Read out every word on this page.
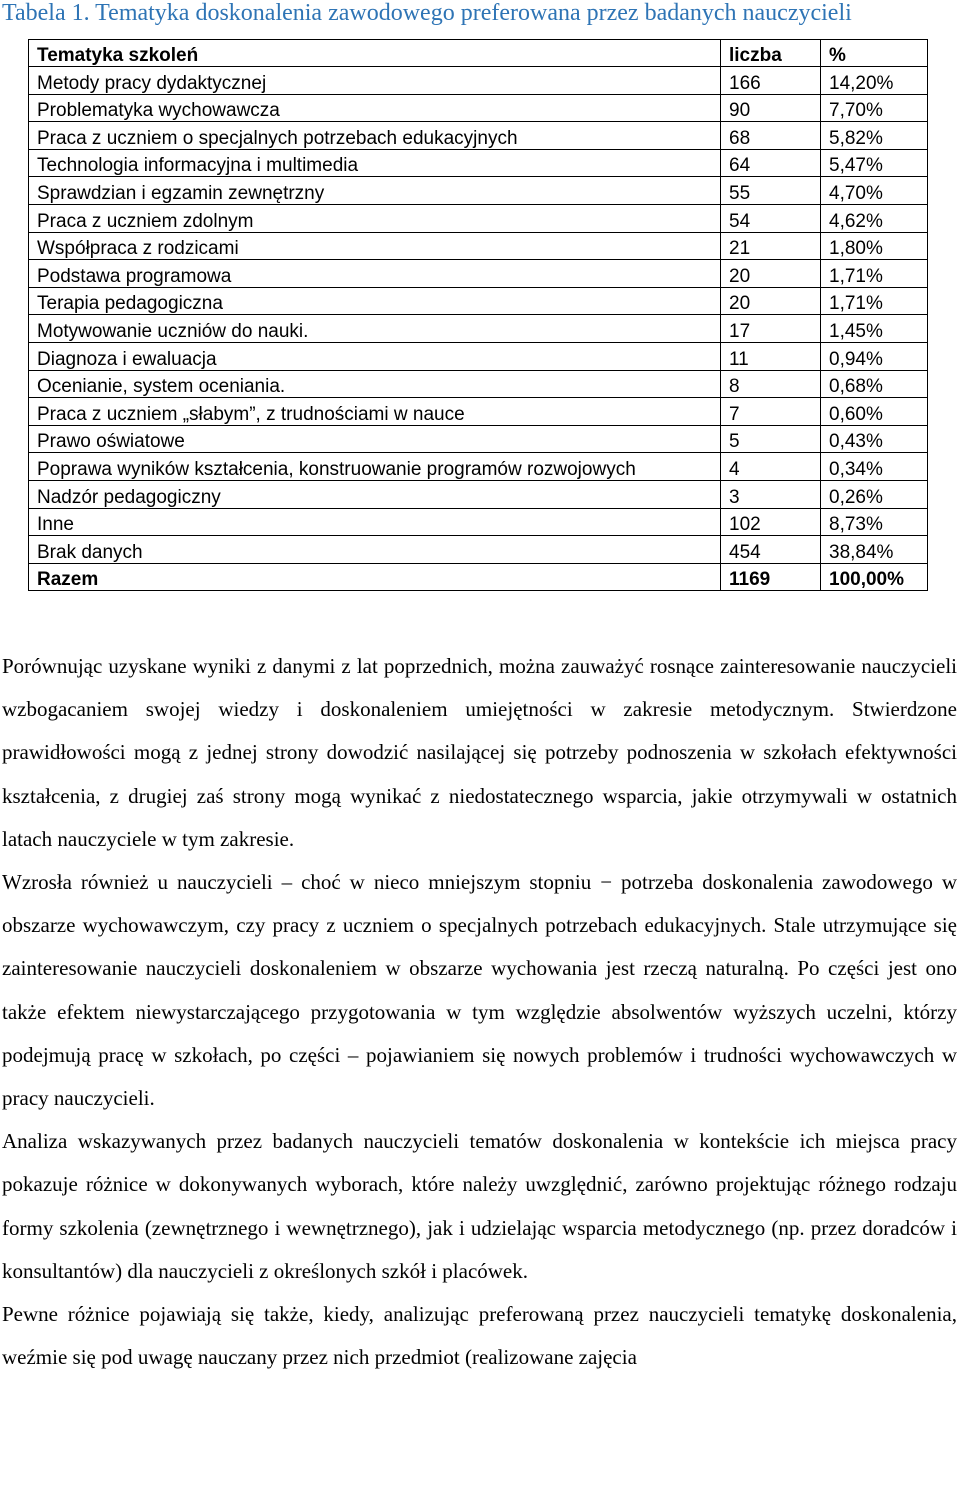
Tabela 1. Tematyka doskonalenia zawodowego preferowana przez badanych nauczycieli
Tematyka szkoleń	liczba	%
Metody pracy dydaktycznej	166	14,20%
Problematyka wychowawcza	90	7,70%
Praca z uczniem o specjalnych potrzebach edukacyjnych	68	5,82%
Technologia informacyjna i multimedia	64	5,47%
Sprawdzian i egzamin zewnętrzny	55	4,70%
Praca z uczniem zdolnym	54	4,62%
Współpraca z rodzicami	21	1,80%
Podstawa programowa	20	1,71%
Terapia pedagogiczna	20	1,71%
Motywowanie uczniów do nauki.	17	1,45%
Diagnoza i ewaluacja	11	0,94%
Ocenianie, system oceniania.	8	0,68%
Praca z uczniem „słabym”, z trudnościami w nauce	7	0,60%
Prawo oświatowe	5	0,43%
Poprawa wyników kształcenia, konstruowanie programów rozwojowych	4	0,34%
Nadzór pedagogiczny	3	0,26%
Inne	102	8,73%
Brak danych	454	38,84%
Razem	1169	100,00%

Porównując uzyskane wyniki z danymi z lat poprzednich, można zauważyć rosnące zainteresowanie nauczycieli wzbogacaniem swojej wiedzy i doskonaleniem umiejętności w zakresie metodycznym. Stwierdzone prawidłowości mogą z jednej strony dowodzić nasilającej się potrzeby podnoszenia w szkołach efektywności kształcenia, z drugiej zaś strony mogą wynikać z niedostatecznego wsparcia, jakie otrzymywali w ostatnich latach nauczyciele w tym zakresie.

Wzrosła również u nauczycieli – choć w nieco mniejszym stopniu − potrzeba doskonalenia zawodowego w obszarze wychowawczym, czy pracy z uczniem o specjalnych potrzebach edukacyjnych. Stale utrzymujące się zainteresowanie nauczycieli doskonaleniem w obszarze wychowania jest rzeczą naturalną. Po części jest ono także efektem niewystarczającego przygotowania w tym względzie absolwentów wyższych uczelni, którzy podejmują pracę w szkołach, po części – pojawianiem się nowych problemów i trudności wychowawczych w pracy nauczycieli.

Analiza wskazywanych przez badanych nauczycieli tematów doskonalenia w kontekście ich miejsca pracy pokazuje różnice w dokonywanych wyborach, które należy uwzględnić, zarówno projektując różnego rodzaju formy szkolenia (zewnętrznego i wewnętrznego), jak i udzielając wsparcia metodycznego (np. przez doradców i konsultantów) dla nauczycieli z określonych szkół i placówek.

Pewne różnice pojawiają się także, kiedy, analizując preferowaną przez nauczycieli tematykę doskonalenia, weźmie się pod uwagę nauczany przez nich przedmiot (realizowane zajęcia
